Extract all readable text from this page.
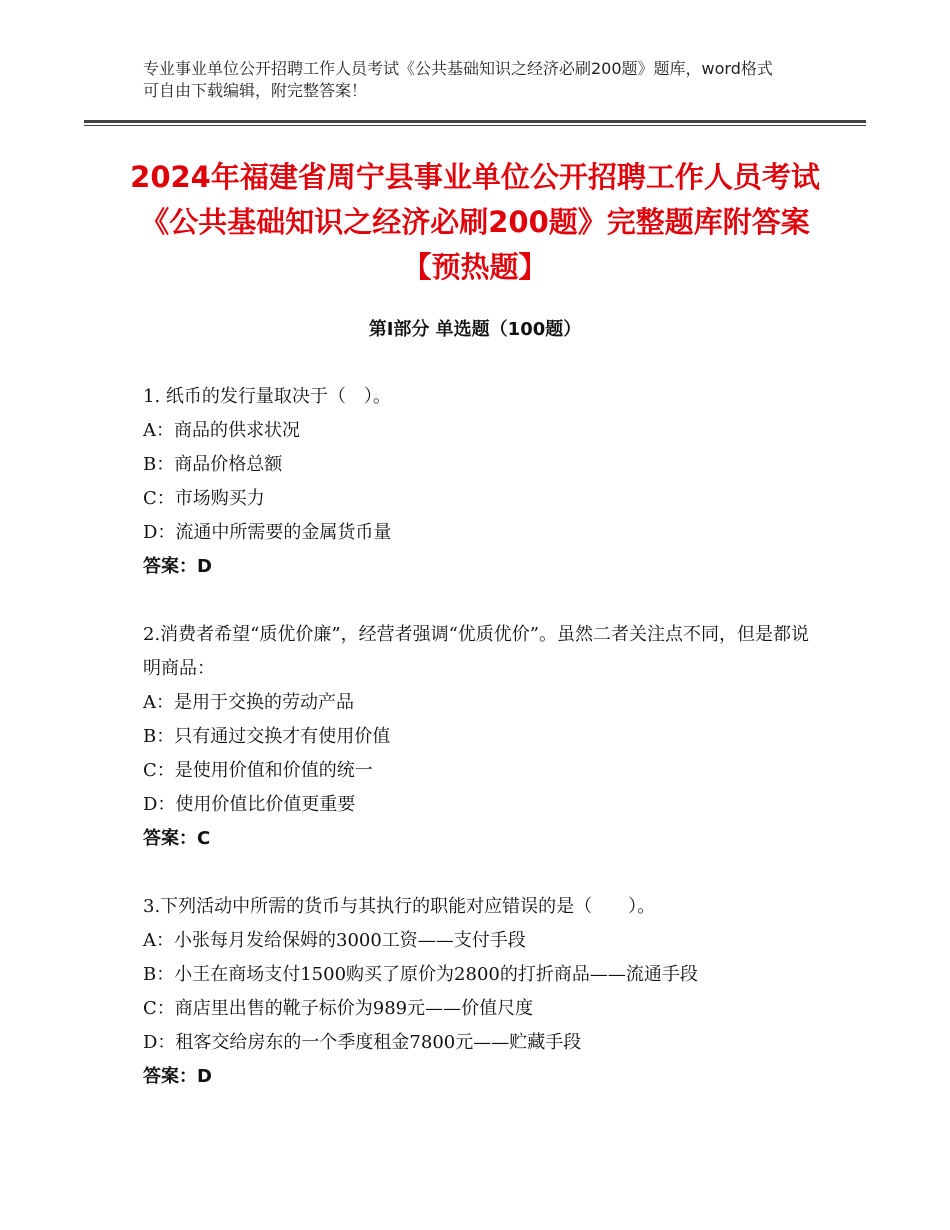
专业事业单位公开招聘工作人员考试《公共基础知识之经济必刷200题》题库，word格式可自由下载编辑，附完整答案！
2024年福建省周宁县事业单位公开招聘工作人员考试《公共基础知识之经济必刷200题》完整题库附答案【预热题】
第Ⅰ部分 单选题（100题）
1. 纸币的发行量取决于（　）。
A：商品的供求状况
B：商品价格总额
C：市场购买力
D：流通中所需要的金属货币量
答案：D
2.消费者希望“质优价廉”，经营者强调“优质优价”。虽然二者关注点不同，但是都说明商品：
A：是用于交换的劳动产品
B：只有通过交换才有使用价值
C：是使用价值和价值的统一
D：使用价值比价值更重要
答案：C
3.下列活动中所需的货币与其执行的职能对应错误的是（　　）。
A：小张每月发给保姆的3000工资——支付手段
B：小王在商场支付1500购买了原价为2800的打折商品——流通手段
C：商店里出售的靴子标价为989元——价值尺度
D：租客交给房东的一个季度租金7800元——贮藏手段
答案：D
